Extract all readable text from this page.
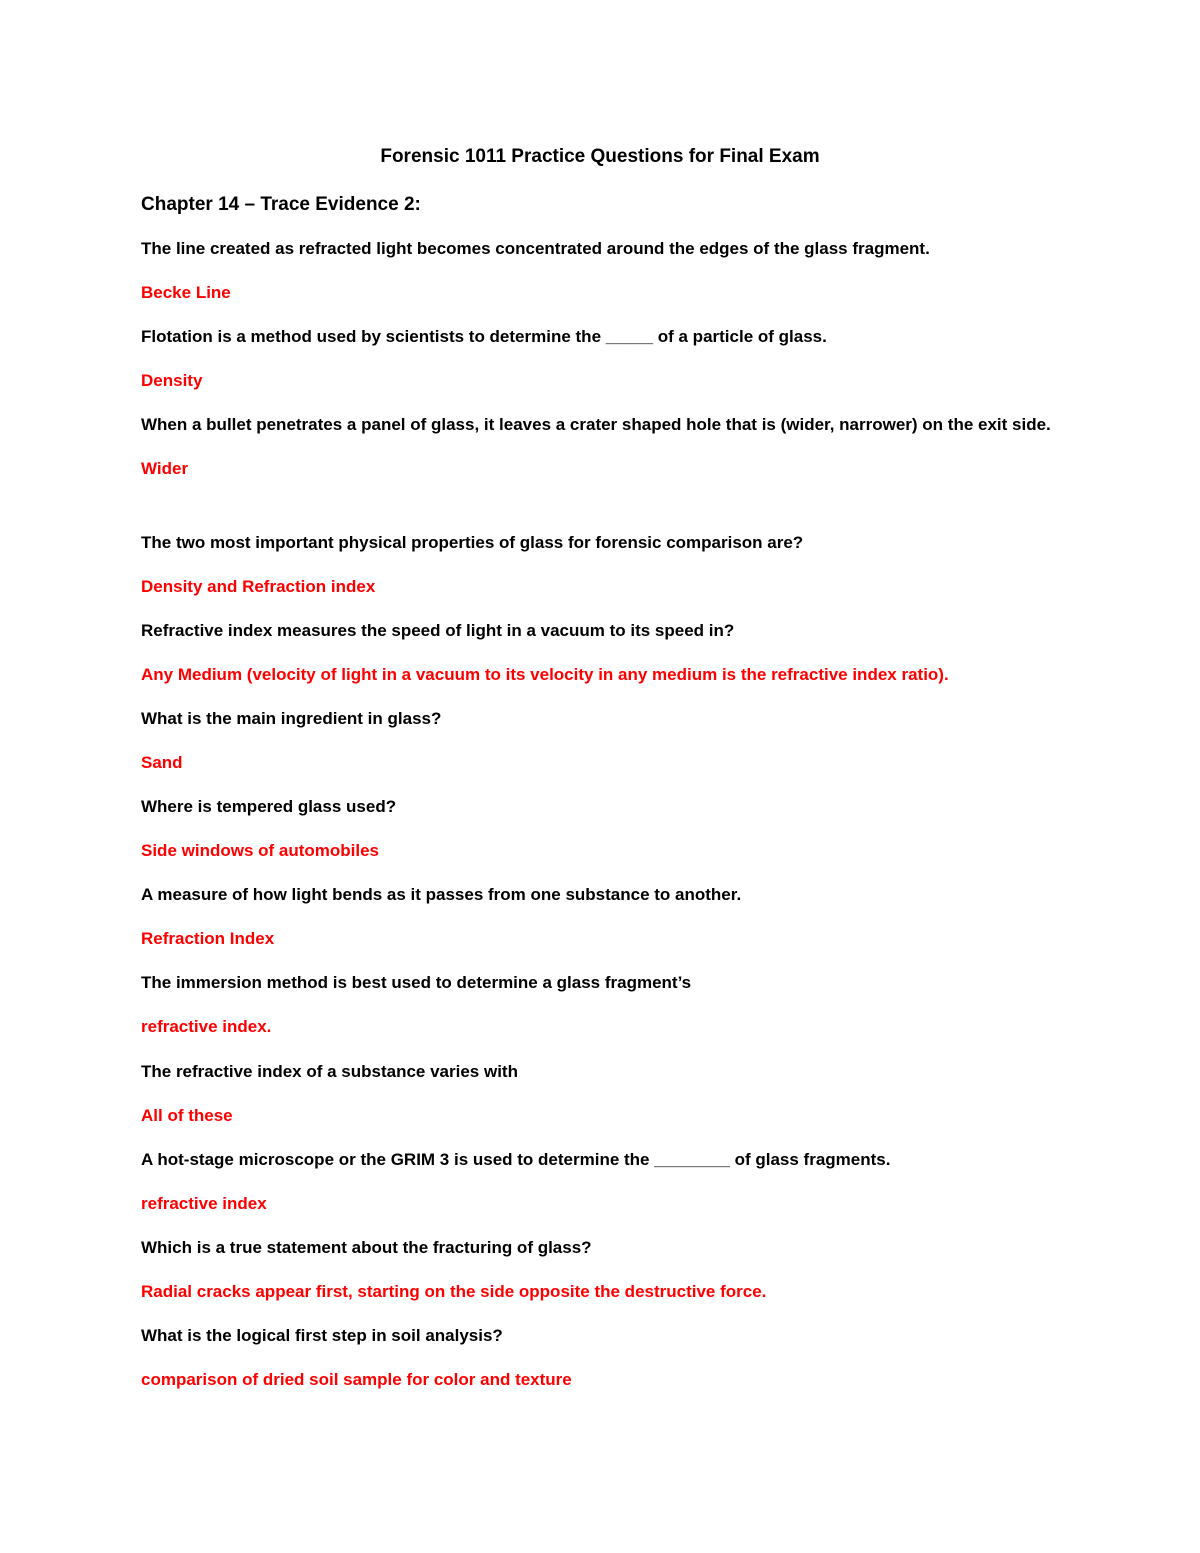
Forensic 1011 Practice Questions for Final Exam
Chapter 14 – Trace Evidence 2:

The line created as refracted light becomes concentrated around the edges of the glass fragment.

Becke Line

Flotation is a method used by scientists to determine the _____ of a particle of glass.

Density

When a bullet penetrates a panel of glass, it leaves a crater shaped hole that is (wider, narrower) on the exit side.

Wider

The two most important physical properties of glass for forensic comparison are?

Density and Refraction index

Refractive index measures the speed of light in a vacuum to its speed in?

Any Medium (velocity of light in a vacuum to its velocity in any medium is the refractive index ratio).

What is the main ingredient in glass?

Sand

Where is tempered glass used?

Side windows of automobiles

A measure of how light bends as it passes from one substance to another.

Refraction Index

The immersion method is best used to determine a glass fragment’s

refractive index.

The refractive index of a substance varies with

All of these

A hot-stage microscope or the GRIM 3 is used to determine the ________ of glass fragments.

refractive index

Which is a true statement about the fracturing of glass?

Radial cracks appear first, starting on the side opposite the destructive force.

What is the logical first step in soil analysis?

comparison of dried soil sample for color and texture
